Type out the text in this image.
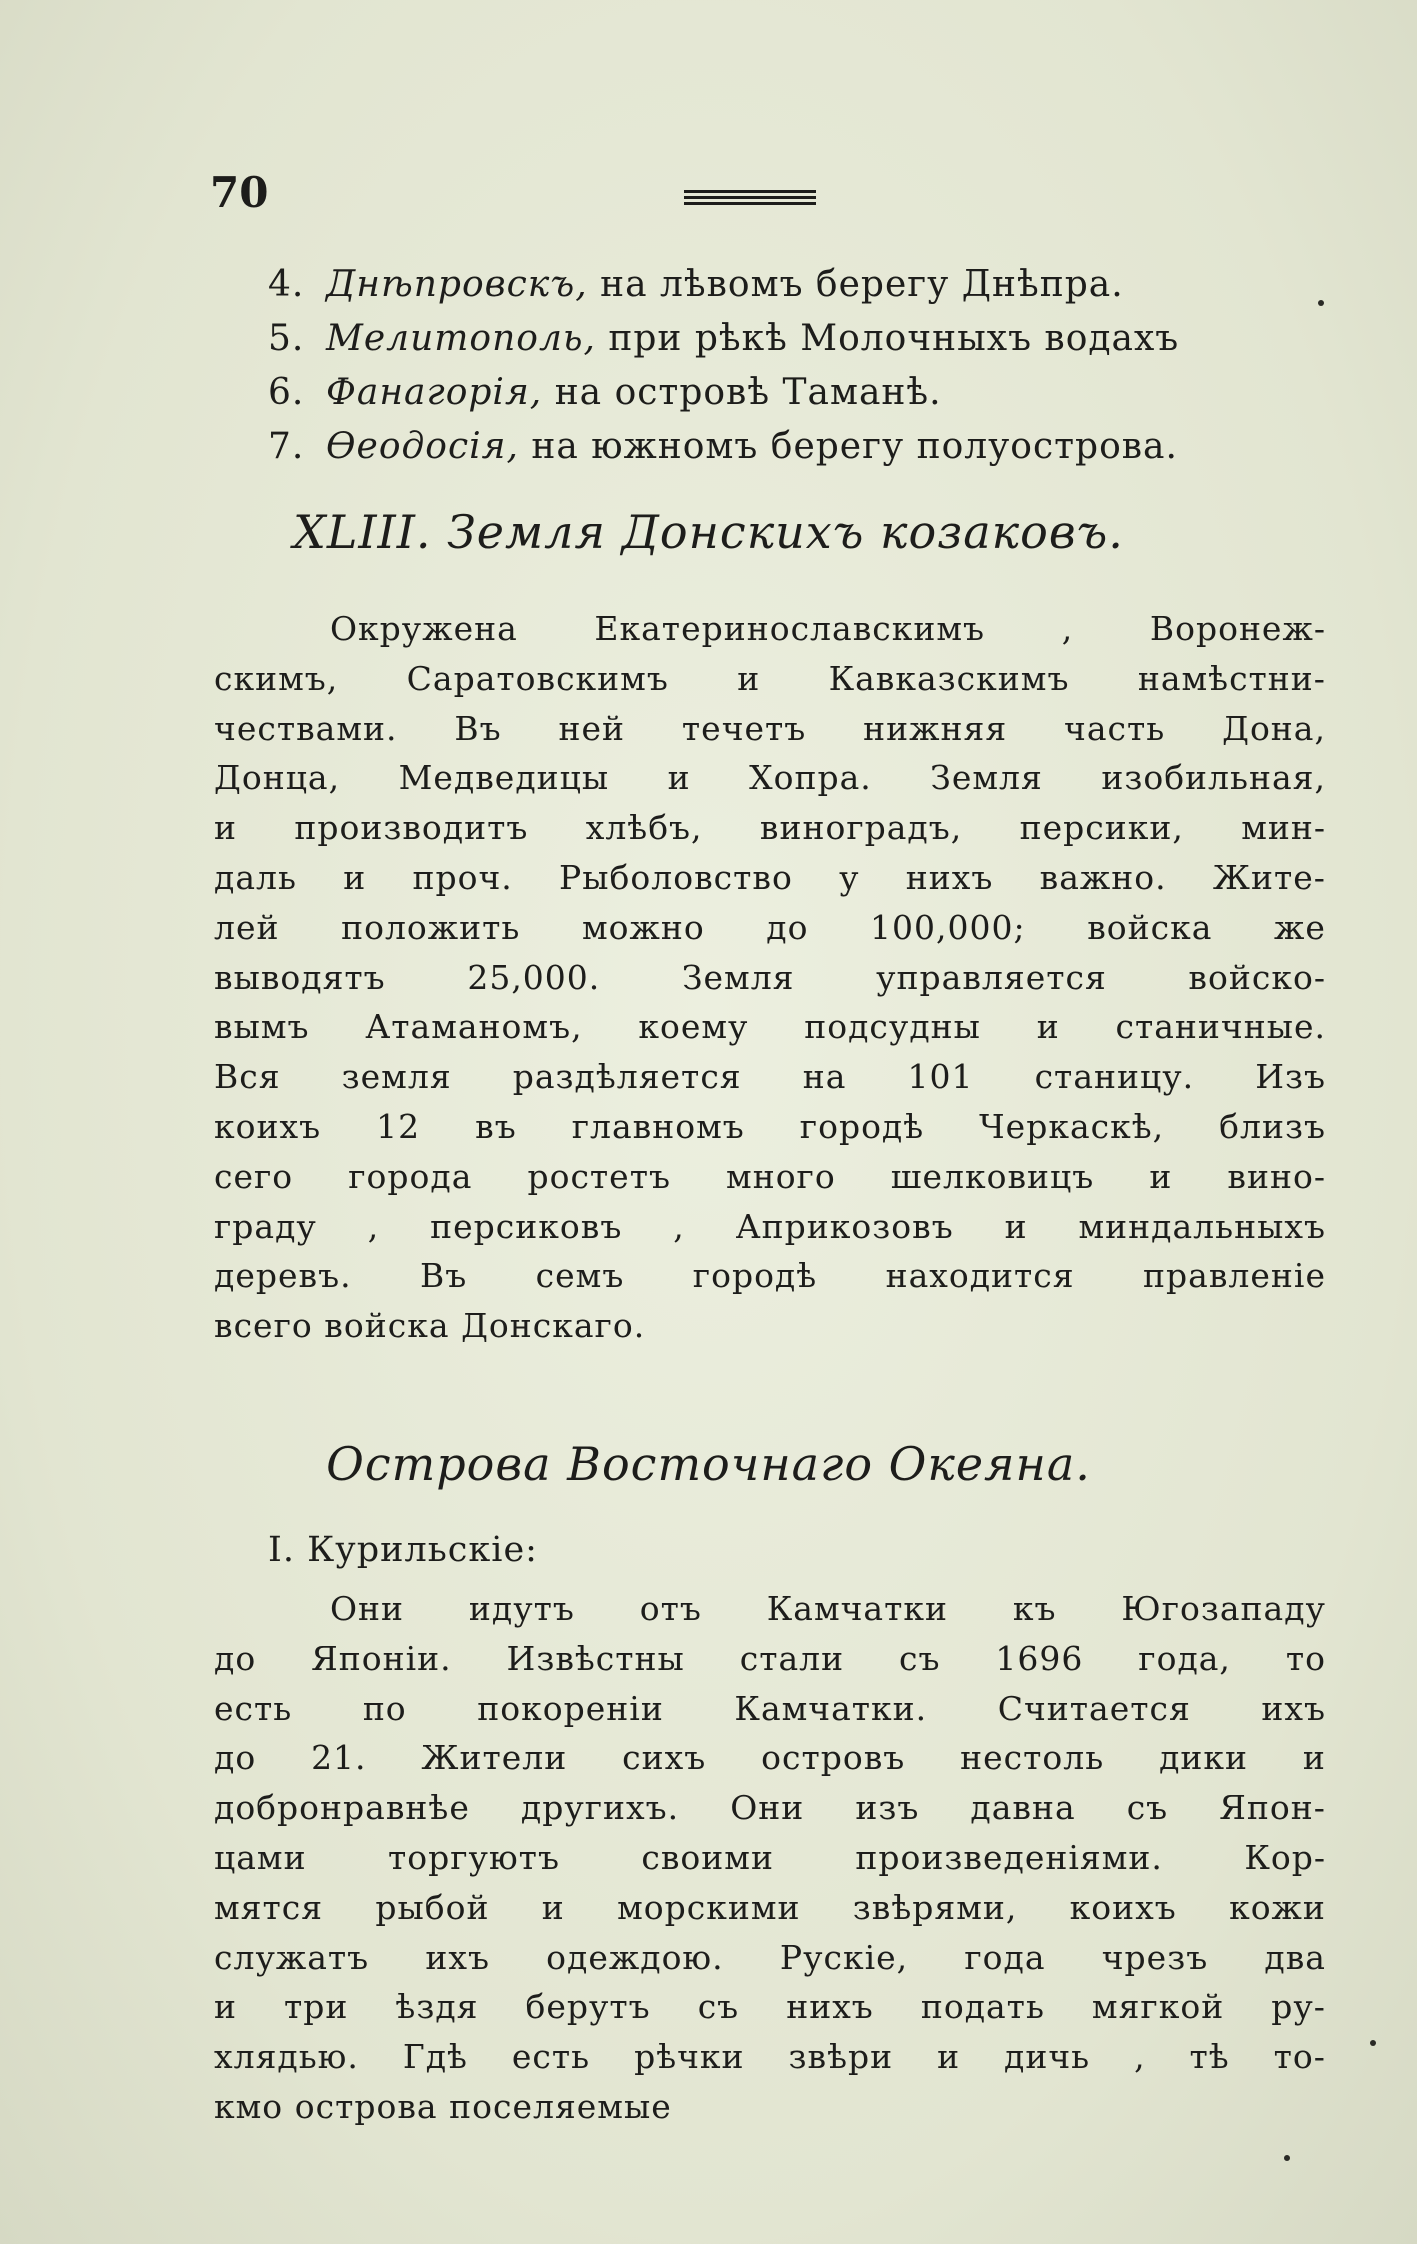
70
4. Днѣпровскъ, на лѣвомъ берегу Днѣпра.
5. Мелитополь, при рѣкѣ Молочныхъ водахъ
6. Фанагорія, на островѣ Таманѣ.
7. Ѳеодосія, на южномъ берегу полуострова.
XLIII. Земля Донскихъ козаковъ.
Окружена Екатеринославскимъ , Воронеж-
скимъ, Саратовскимъ и Кавказскимъ намѣстни-
чествами. Въ ней течетъ нижняя часть Дона,
Донца, Медведицы и Хопра. Земля изобильная,
и производитъ хлѣбъ, виноградъ, персики, мин-
даль и проч. Рыболовство у нихъ важно. Жите-
лей положить можно до 100,000; войска же
выводятъ 25,000. Земля управляется войско-
вымъ Атаманомъ, коему подсудны и станичные.
Вся земля раздѣляется на 101 станицу. Изъ
коихъ 12 въ главномъ городѣ Черкаскѣ, близъ
сего города ростетъ много шелковицъ и вино-
граду , персиковъ , Априкозовъ и миндальныхъ
деревъ. Въ семъ городѣ находится правленіе
всего войска Донскаго.
Острова Восточнаго Океяна.
I. Курильскіе:
Они идутъ отъ Камчатки къ Югозападу
до Японіи. Извѣстны стали съ 1696 года, то
есть по покореніи Камчатки. Считается ихъ
до 21. Жители сихъ островъ нестоль дики и
добронравнѣе другихъ. Они изъ давна съ Япон-
цами торгуютъ своими произведеніями. Кор-
мятся рыбой и морскими звѣрями, коихъ кожи
служатъ ихъ одеждою. Рускіе, года чрезъ два
и три ѣздя берутъ съ нихъ подать мягкой ру-
хлядью. Гдѣ есть рѣчки звѣри и дичь , тѣ то-
кмо острова поселяемые
